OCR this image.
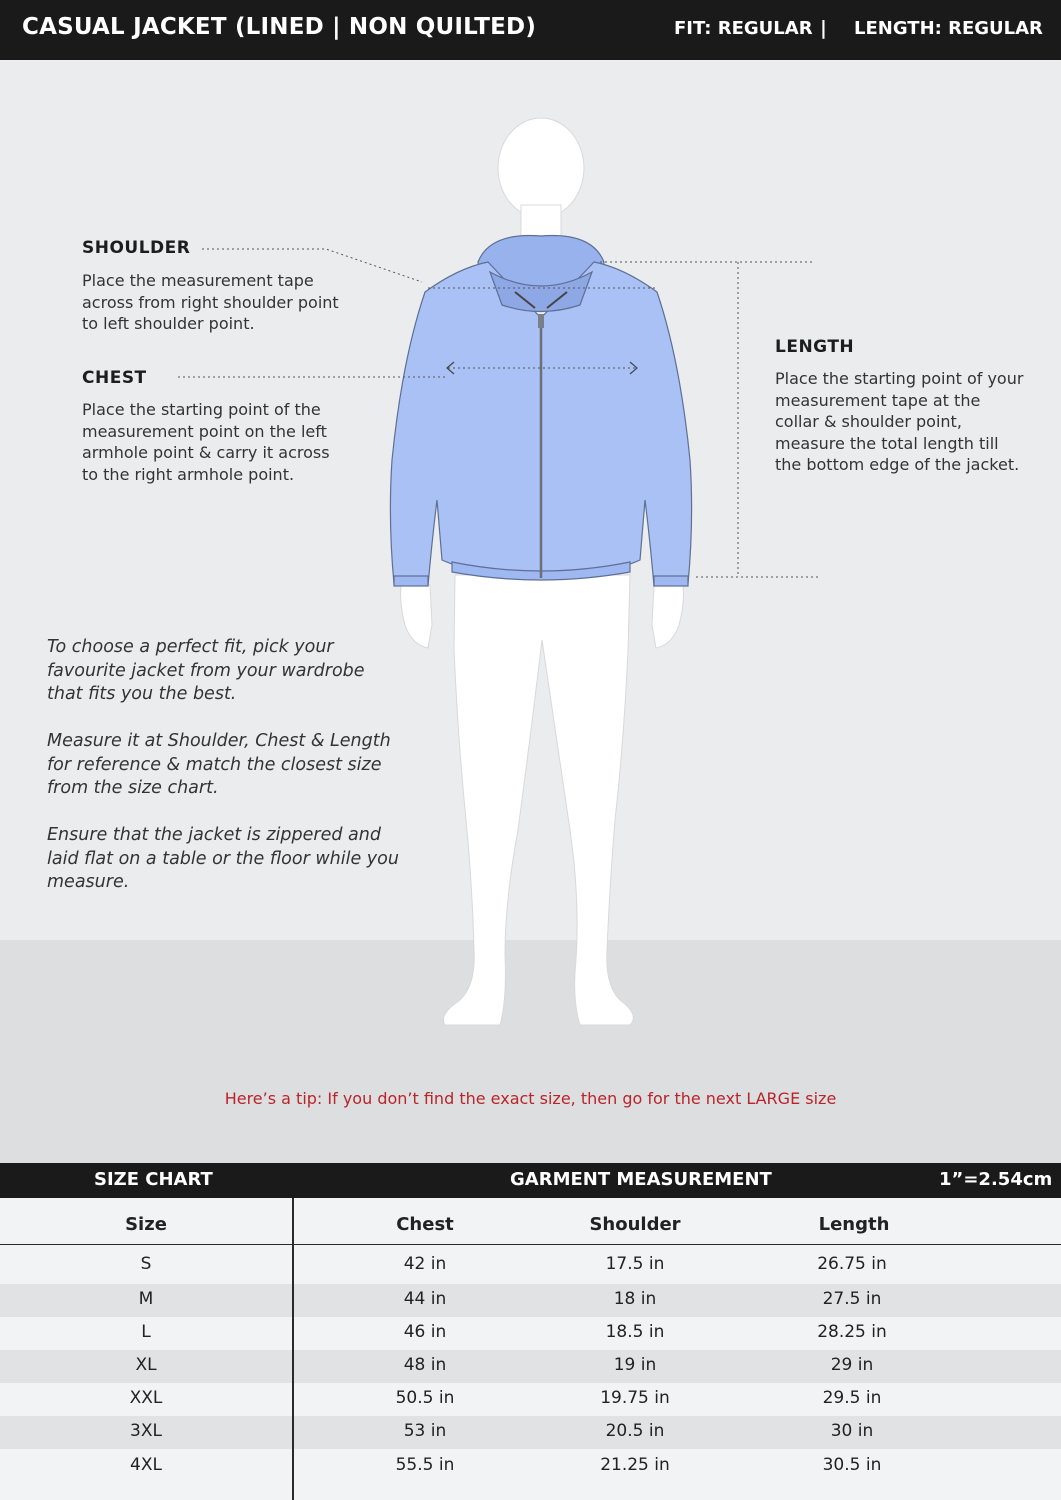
CASUAL JACKET (LINED | NON QUILTED)	FIT: REGULAR | LENGTH: REGULAR
SHOULDER
Place the measurement tape
across from right shoulder point
to left shoulder point.
CHEST
Place the starting point of the
measurement point on the left
armhole point & carry it across
to the right armhole point.
LENGTH
Place the starting point of your
measurement tape at the
collar & shoulder point,
measure the total length till
the bottom edge of the jacket.
To choose a perfect fit, pick your
favourite jacket from your wardrobe
that fits you the best.
Measure it at Shoulder, Chest & Length
for reference & match the closest size
from the size chart.
Ensure that the jacket is zippered and
laid flat on a table or the floor while you
measure.
Here’s a tip: If you don’t find the exact size, then go for the next LARGE size
SIZE CHART	GARMENT MEASUREMENT	1”=2.54cm
Size	Chest	Shoulder	Length
S	42 in	17.5 in	26.75 in
M	44 in	18 in	27.5 in
L	46 in	18.5 in	28.25 in
XL	48 in	19 in	29 in
XXL	50.5 in	19.75 in	29.5 in
3XL	53 in	20.5 in	30 in
4XL	55.5 in	21.25 in	30.5 in
